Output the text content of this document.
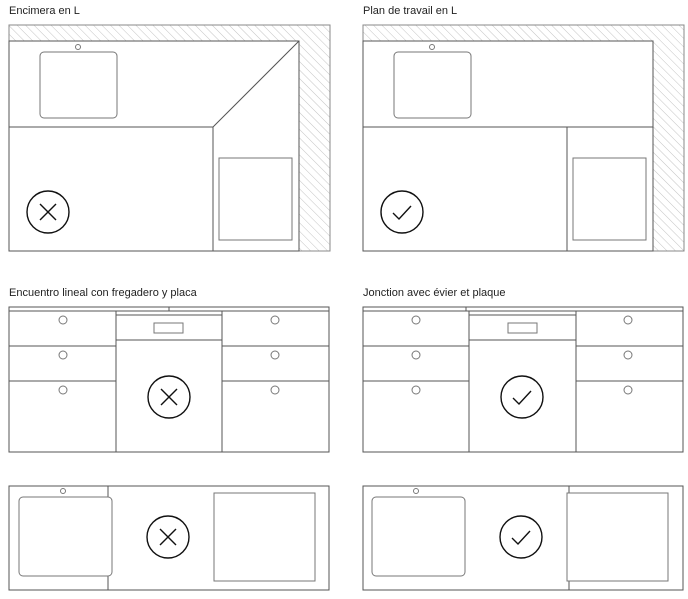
Encimera en L	Plan de travail en L
Encuentro lineal con fregadero y placa	Jonction avec évier et plaque
